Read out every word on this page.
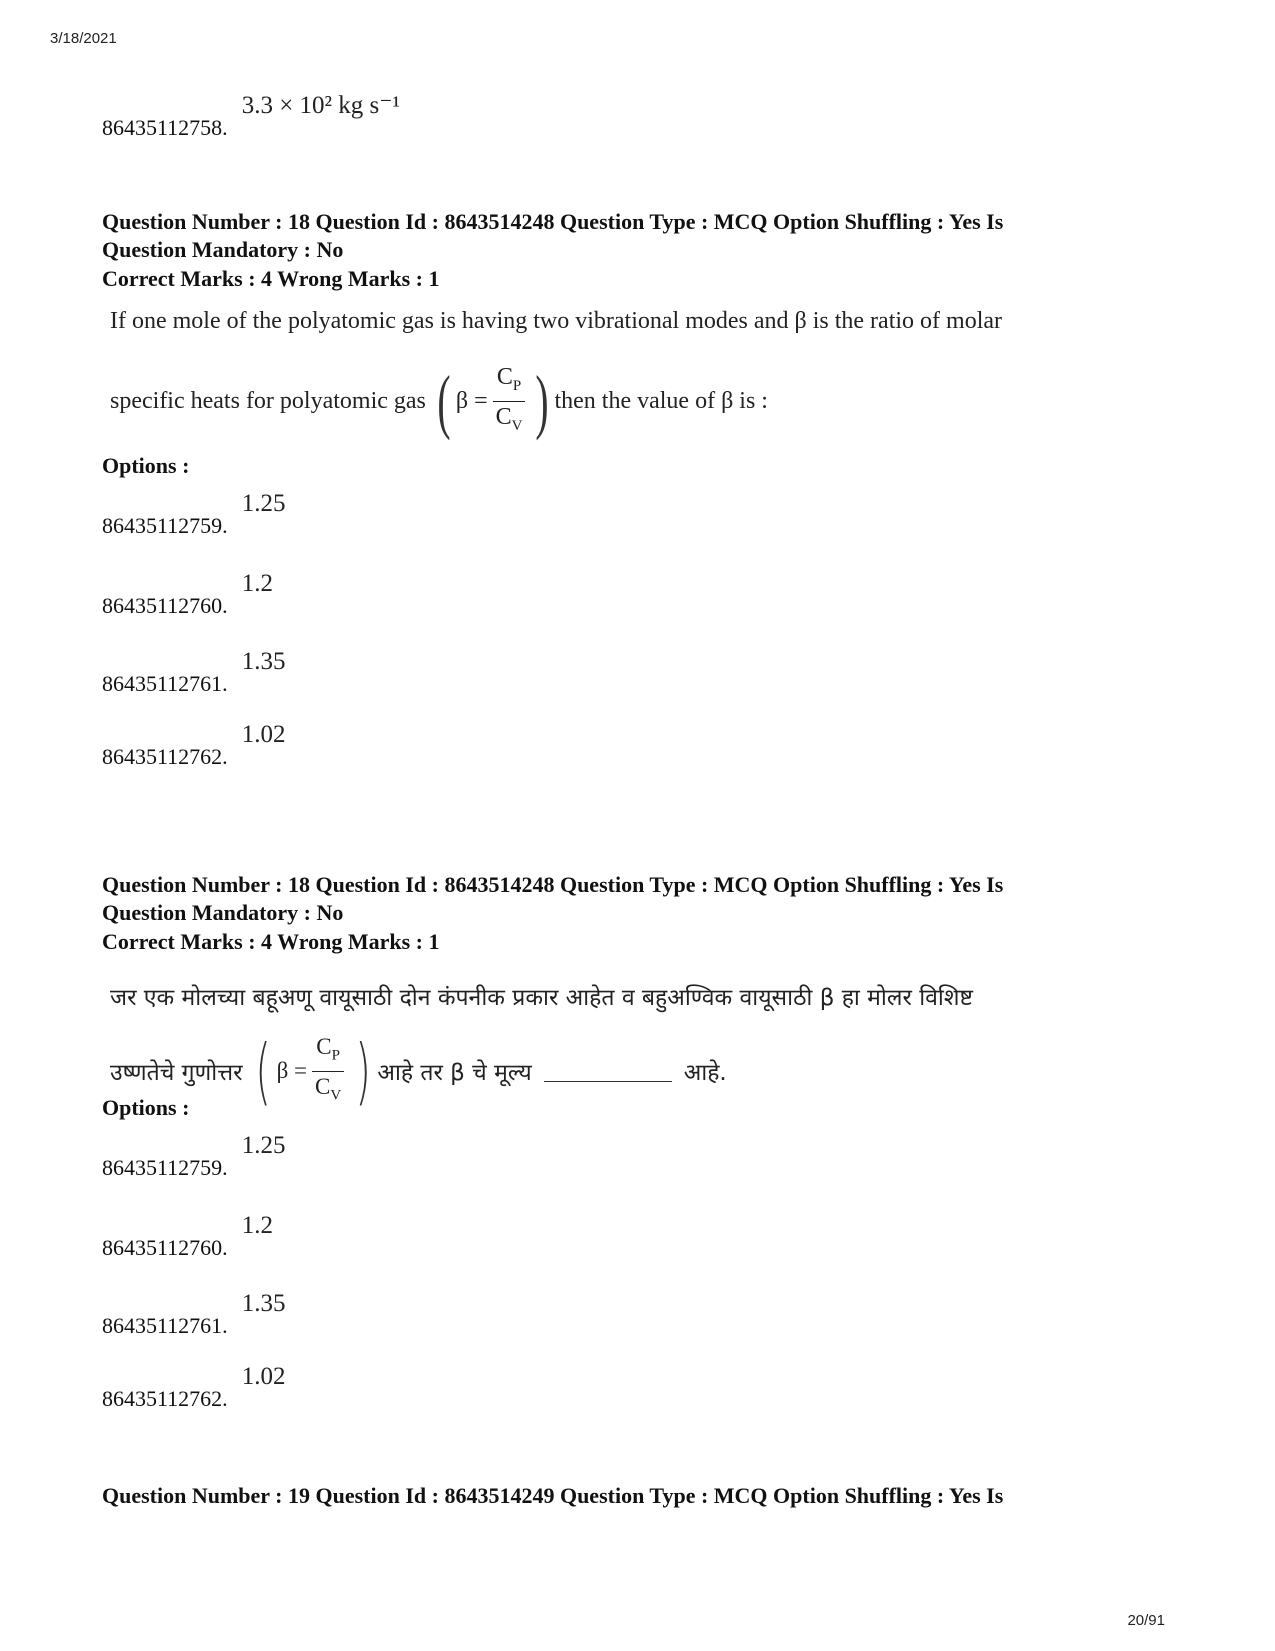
3/18/2021
86435112758.3.3 × 10² kg s⁻¹
Question Number : 18 Question Id : 8643514248 Question Type : MCQ Option Shuffling : Yes Is
Question Mandatory : No
Correct Marks : 4 Wrong Marks : 1
If one mole of the polyatomic gas is having two vibrational modes and β is the ratio of molar
specific heats for polyatomic gas ( $\beta = \frac{C_P}{C_V}$ ) then the value of β is :
Options :
86435112759.1.25
86435112760.1.2
86435112761.1.35
86435112762.1.02
Question Number : 18 Question Id : 8643514248 Question Type : MCQ Option Shuffling : Yes Is
Question Mandatory : No
Correct Marks : 4 Wrong Marks : 1
जर एक मोलच्या बहूअणू वायूसाठी दोन कंपनीक प्रकार आहेत व बहुअण्विक वायूसाठी β हा मोलर विशिष्ट
उष्णतेचे गुणोत्तर ( $\beta = \frac{C_P}{C_V}$ ) आहे तर β चे मूल्य	आहे.
Options :
86435112759.1.25
86435112760.1.2
86435112761.1.35
86435112762.1.02
Question Number : 19 Question Id : 8643514249 Question Type : MCQ Option Shuffling : Yes Is
20/91
